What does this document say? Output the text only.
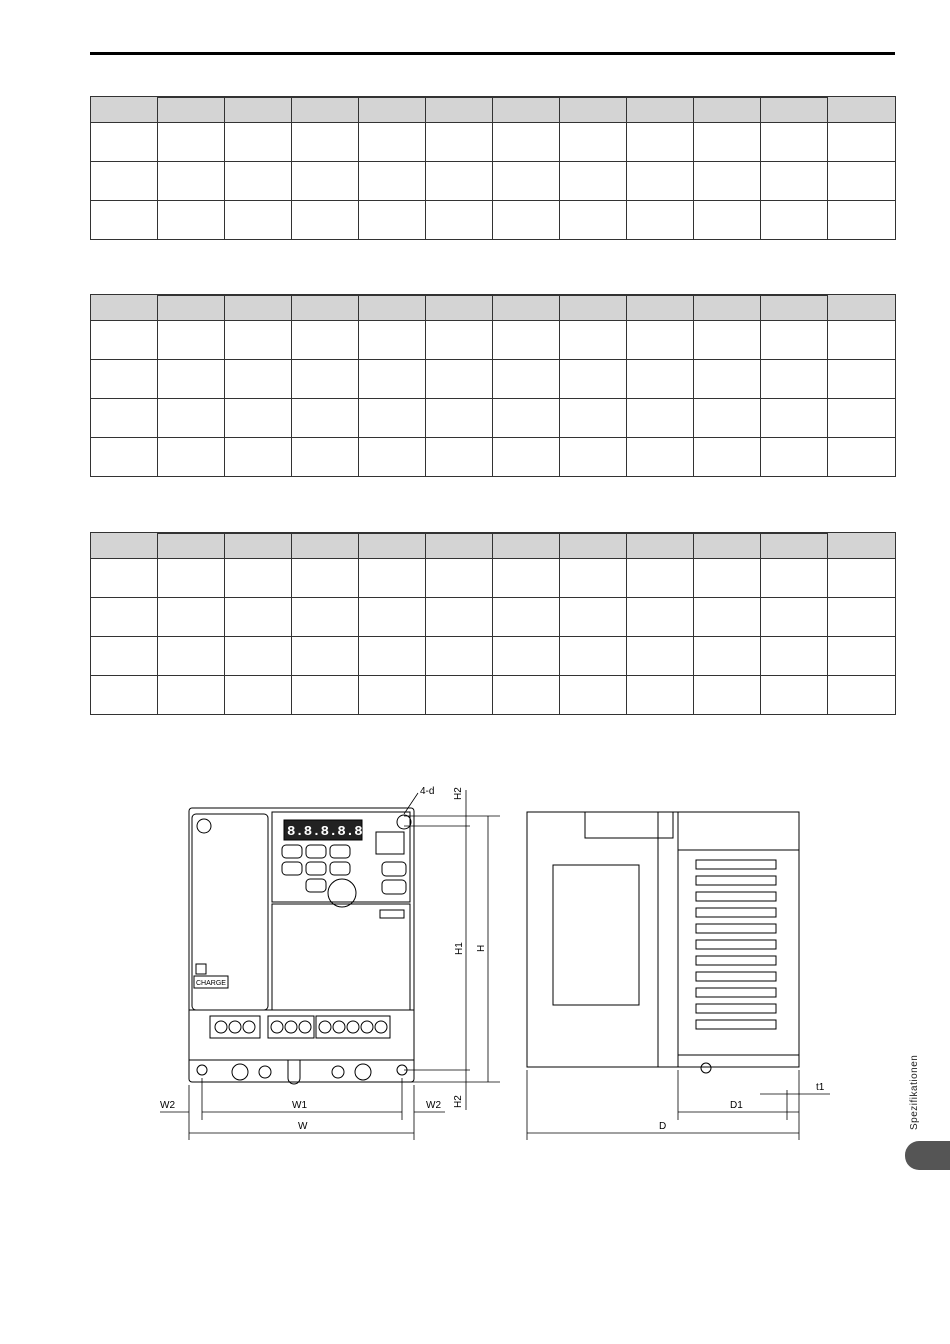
4-d H2
H1 H
H2
W2	W1	W2
W	D
D1
t1
CHARGE
8.8.8.8.8.
Spezifikationen
